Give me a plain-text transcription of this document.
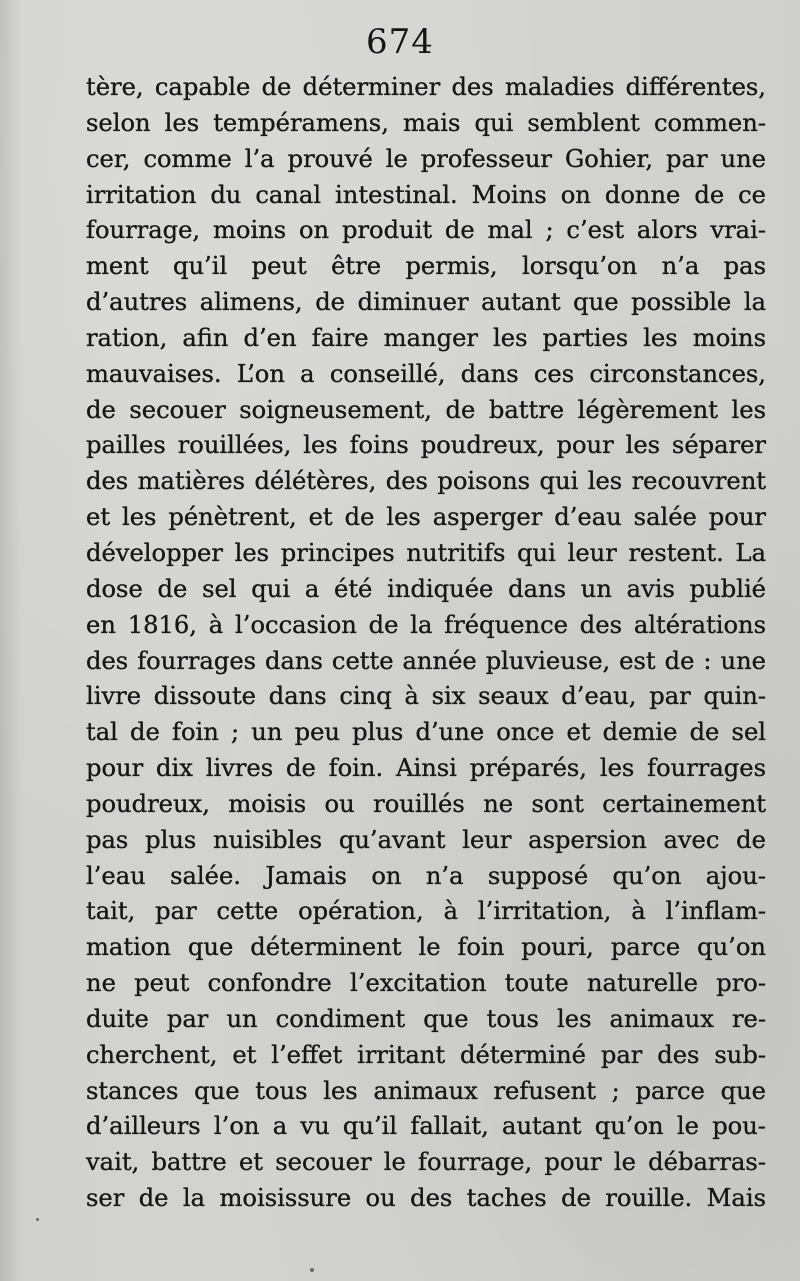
674
tère, capable de déterminer des maladies différentes,
selon les tempéramens, mais qui semblent commen-
cer, comme l’a prouvé le professeur Gohier, par une
irritation du canal intestinal. Moins on donne de ce
fourrage, moins on produit de mal ; c’est alors vrai-
ment qu’il peut être permis, lorsqu’on n’a pas
d’autres alimens, de diminuer autant que possible la
ration, afin d’en faire manger les parties les moins
mauvaises. L’on a conseillé, dans ces circonstances,
de secouer soigneusement, de battre légèrement les
pailles rouillées, les foins poudreux, pour les séparer
des matières délétères, des poisons qui les recouvrent
et les pénètrent, et de les asperger d’eau salée pour
développer les principes nutritifs qui leur restent. La
dose de sel qui a été indiquée dans un avis publié
en 1816, à l’occasion de la fréquence des altérations
des fourrages dans cette année pluvieuse, est de : une
livre dissoute dans cinq à six seaux d’eau, par quin-
tal de foin ; un peu plus d’une once et demie de sel
pour dix livres de foin. Ainsi préparés, les fourrages
poudreux, moisis ou rouillés ne sont certainement
pas plus nuisibles qu’avant leur aspersion avec de
l’eau salée. Jamais on n’a supposé qu’on ajou-
tait, par cette opération, à l’irritation, à l’inflam-
mation que déterminent le foin pouri, parce qu’on
ne peut confondre l’excitation toute naturelle pro-
duite par un condiment que tous les animaux re-
cherchent, et l’effet irritant déterminé par des sub-
stances que tous les animaux refusent ; parce que
d’ailleurs l’on a vu qu’il fallait, autant qu’on le pou-
vait, battre et secouer le fourrage, pour le débarras-
ser de la moisissure ou des taches de rouille. Mais
